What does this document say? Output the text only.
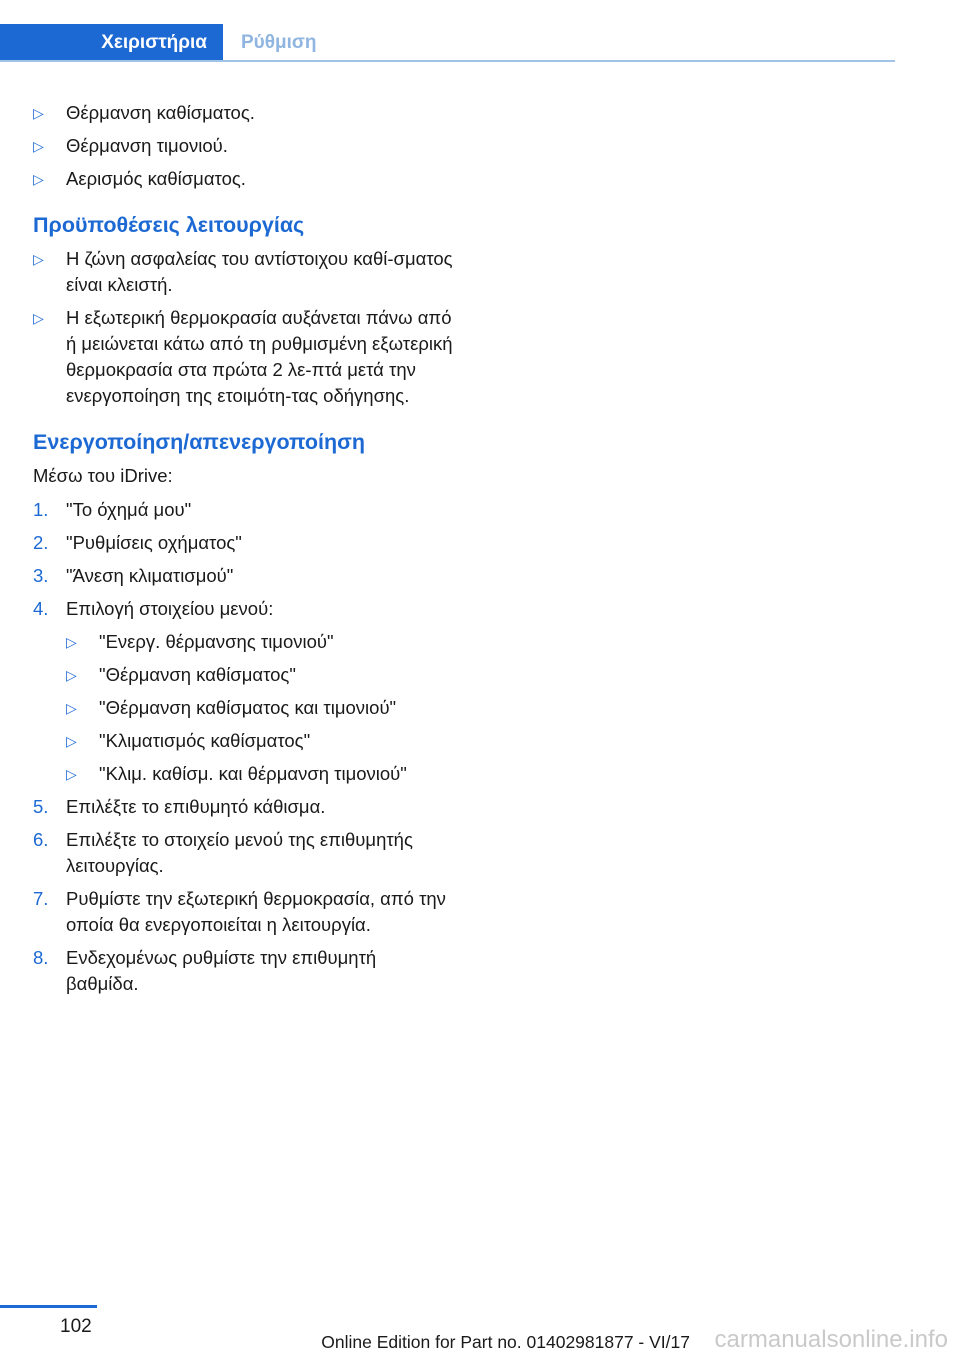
Χειριστήρια	Ρύθμιση
▷ Θέρμανση καθίσματος.
▷ Θέρμανση τιμονιού.
▷ Αερισμός καθίσματος.
Προϋποθέσεις λειτουργίας
▷ Η ζώνη ασφαλείας του αντίστοιχου καθί-σματος είναι κλειστή.
▷ Η εξωτερική θερμοκρασία αυξάνεται πάνω από ή μειώνεται κάτω από τη ρυθμισμένη εξωτερική θερμοκρασία στα πρώτα 2 λε-πτά μετά την ενεργοποίηση της ετοιμότη-τας οδήγησης.
Ενεργοποίηση/απενεργοποίηση
Μέσω του iDrive:
1. "Το όχημά μου"
2. "Ρυθμίσεις οχήματος"
3. "Άνεση κλιματισμού"
4. Επιλογή στοιχείου μενού:
▷ "Ενεργ. θέρμανσης τιμονιού"
▷ "Θέρμανση καθίσματος"
▷ "Θέρμανση καθίσματος και τιμονιού"
▷ "Κλιματισμός καθίσματος"
▷ "Κλιμ. καθίσμ. και θέρμανση τιμονιού"
5. Επιλέξτε το επιθυμητό κάθισμα.
6. Επιλέξτε το στοιχείο μενού της επιθυμητής λειτουργίας.
7. Ρυθμίστε την εξωτερική θερμοκρασία, από την οποία θα ενεργοποιείται η λειτουργία.
8. Ενδεχομένως ρυθμίστε την επιθυμητή βαθμίδα.
102
Online Edition for Part no. 01402981877 - VI/17 carmanualsonline.info
